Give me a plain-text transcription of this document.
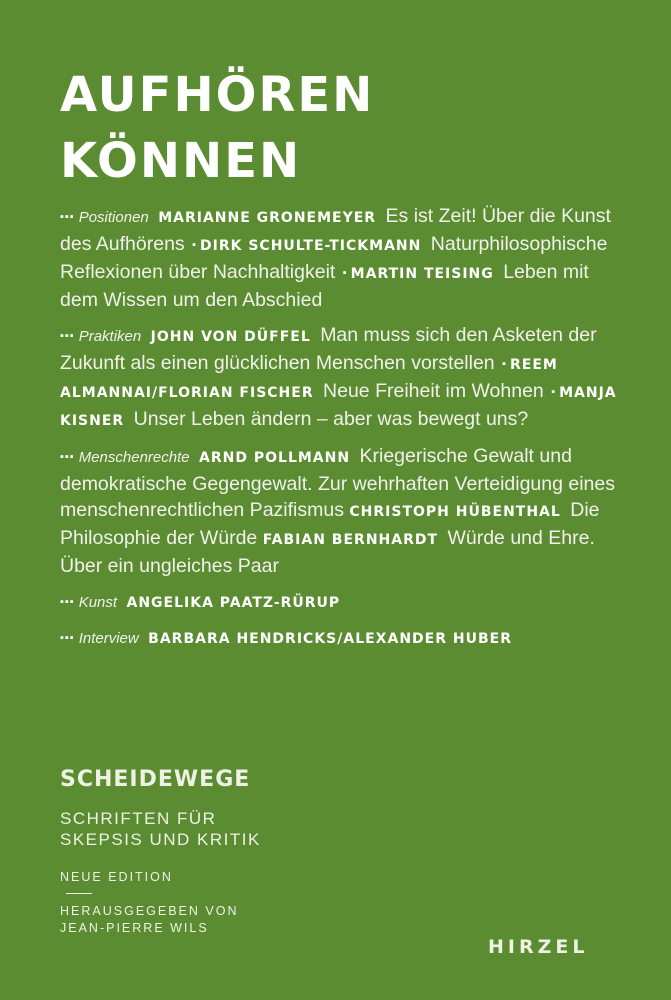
AUFHÖREN
KÖNNEN
▪▪▪ Positionen MARIANNE GRONEMEYER Es ist Zeit! Über die Kunst des Aufhörens ▪ DIRK SCHULTE-TICKMANN Naturphilosophische Reflexionen über Nachhaltigkeit ▪ MARTIN TEISING Leben mit dem Wissen um den Abschied
▪▪▪ Praktiken JOHN VON DÜFFEL Man muss sich den Asketen der Zukunft als einen glücklichen Menschen vorstellen ▪ REEM ALMANNAI/FLORIAN FISCHER Neue Freiheit im Wohnen ▪ MANJA KISNER Unser Leben ändern – aber was bewegt uns?
▪▪▪ Menschenrechte ARND POLLMANN Kriegerische Gewalt und demokratische Gegengewalt. Zur wehrhaften Verteidigung eines menschenrechtlichen Pazifismus CHRISTOPH HÜBENTHAL Die Philosophie der Würde FABIAN BERNHARDT Würde und Ehre. Über ein ungleiches Paar
▪▪▪ Kunst ANGELIKA PAATZ-RÜRUP
▪▪▪ Interview BARBARA HENDRICKS/ALEXANDER HUBER
SCHEIDEWEGE
SCHRIFTEN FÜR
SKEPSIS UND KRITIK
NEUE EDITION
HERAUSGEGEBEN VON
JEAN-PIERRE WILS
HIRZEL
